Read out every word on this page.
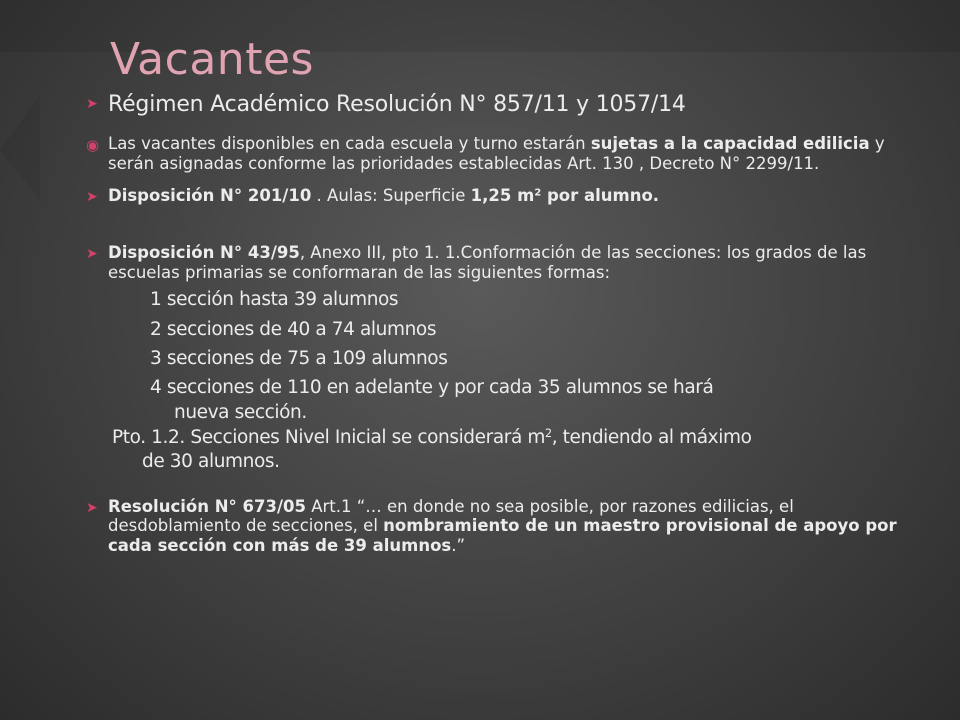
Vacantes

➤ Régimen Académico Resolución N° 857/11 y 1057/14

◉ Las vacantes disponibles en cada escuela y turno estarán sujetas a la capacidad edilicia y serán asignadas conforme las prioridades establecidas Art. 130 , Decreto N° 2299/11.

➤ Disposición N° 201/10 . Aulas: Superficie 1,25 $m^2$ por alumno.

➤ Disposición N° 43/95, Anexo III, pto 1. 1.Conformación de las secciones: los grados de las escuelas primarias se conformaran de las siguientes formas:

1 sección hasta 39 alumnos
2 secciones de 40 a 74 alumnos
3 secciones de 75 a 109 alumnos
4 secciones de 110 en adelante y por cada 35 alumnos se hará
nueva sección.
Pto. 1.2. Secciones Nivel Inicial se considerará $m^2$, tendiendo al máximo
de 30 alumnos.

➤ Resolución N° 673/05 Art.1 “… en donde no sea posible, por razones edilicias, el desdoblamiento de secciones, el nombramiento de un maestro provisional de apoyo por cada sección con más de 39 alumnos.”
